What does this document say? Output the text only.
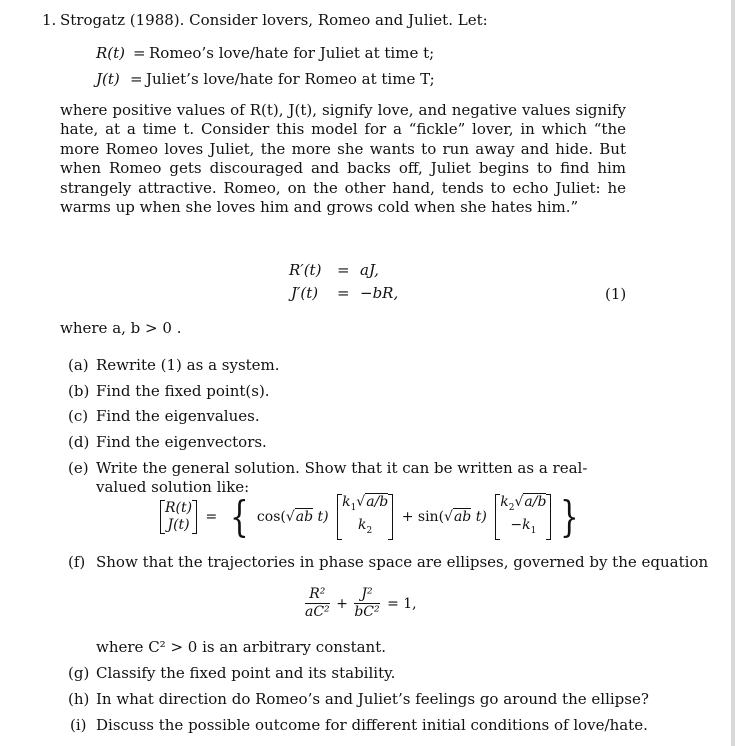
1. Strogatz (1988). Consider lovers, Romeo and Juliet. Let:
R(t) = Romeo’s love/hate for Juliet at time t;
J(t) = Juliet’s love/hate for Romeo at time T;
where positive values of R(t), J(t), signify love, and negative values signify hate, at a time t. Consider this model for a “fickle” lover, in which “the more Romeo loves Juliet, the more she wants to run away and hide. But when Romeo gets discouraged and backs off, Juliet begins to find him strangely attractive. Romeo, on the other hand, tends to echo Juliet: he warms up when she loves him and grows cold when she hates him.”
R′(t) = aJ,
J′(t) = −bR,	(1)
where a, b > 0 .
(a) Rewrite (1) as a system.
(b) Find the fixed point(s).
(c) Find the eigenvalues.
(d) Find the eigenvectors.
(e) Write the general solution. Show that it can be written as a real-valued solution like:
R(t)
J(t) = { cos(√ab t)
$k_1√a/b$
$k_2$
+ sin(√ab t)
$k_2√a/b$
$-k_1$ }
(f) Show that the trajectories in phase space are ellipses, governed by the equation
$\frac{\text{R²}}{\text{aC²}} + \frac{\text{J²}}{\text{bC²}} = 1$,
where C² > 0 is an arbitrary constant.
(g) Classify the fixed point and its stability.
(h) In what direction do Romeo’s and Juliet’s feelings go around the ellipse?
(i) Discuss the possible outcome for different initial conditions of love/hate.
